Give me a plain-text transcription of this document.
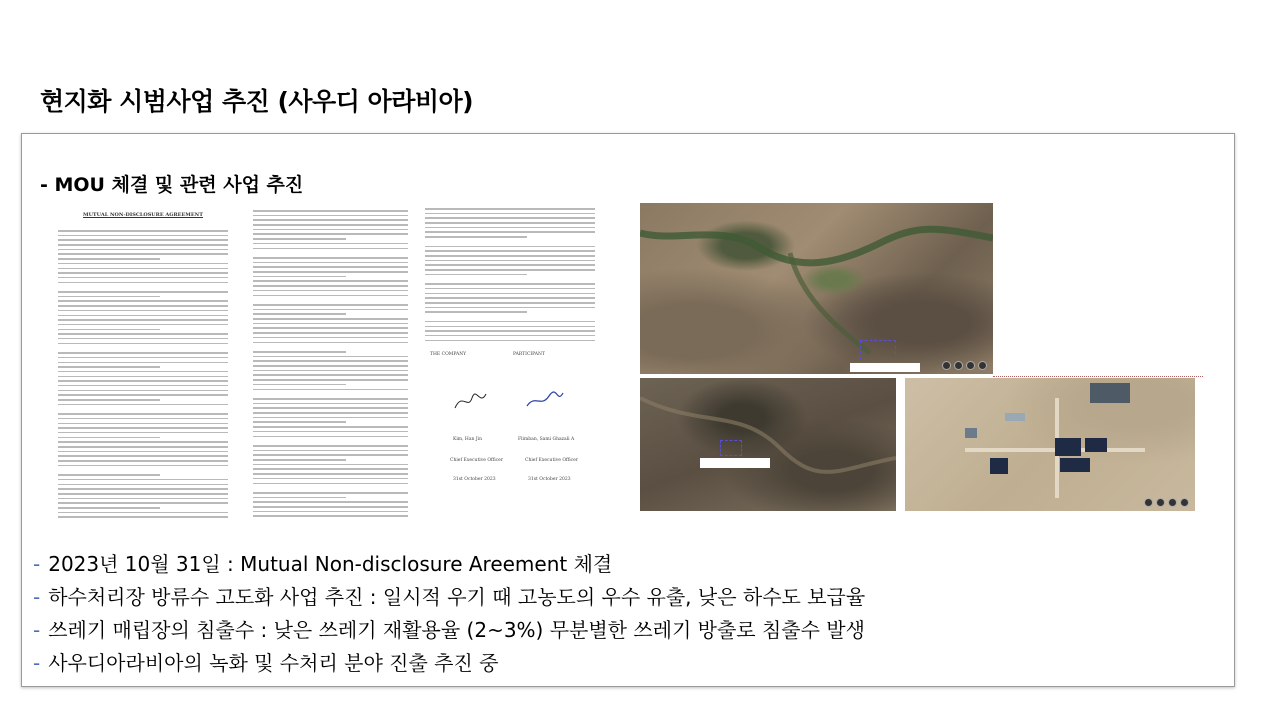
현지화 시범사업 추진 (사우디 아라비아)
- MOU 체결 및 관련 사업 추진
MUTUAL NON-DISCLOSURE AGREEMENT
THE COMPANY	PARTICIPANT
Kim, Han Jin	Flimban, Sami Ghazali A
Chief Executive Officer	Chief Executive Officer
31st October 2023	31st October 2023
- 2023년 10월 31일 : Mutual Non-disclosure Areement 체결
- 하수처리장 방류수 고도화 사업 추진 : 일시적 우기 때 고농도의 우수 유출, 낮은 하수도 보급율
- 쓰레기 매립장의 침출수 : 낮은 쓰레기 재활용율 (2~3%) 무분별한 쓰레기 방출로 침출수 발생
- 사우디아라비아의 녹화 및 수처리 분야 진출 추진 중
